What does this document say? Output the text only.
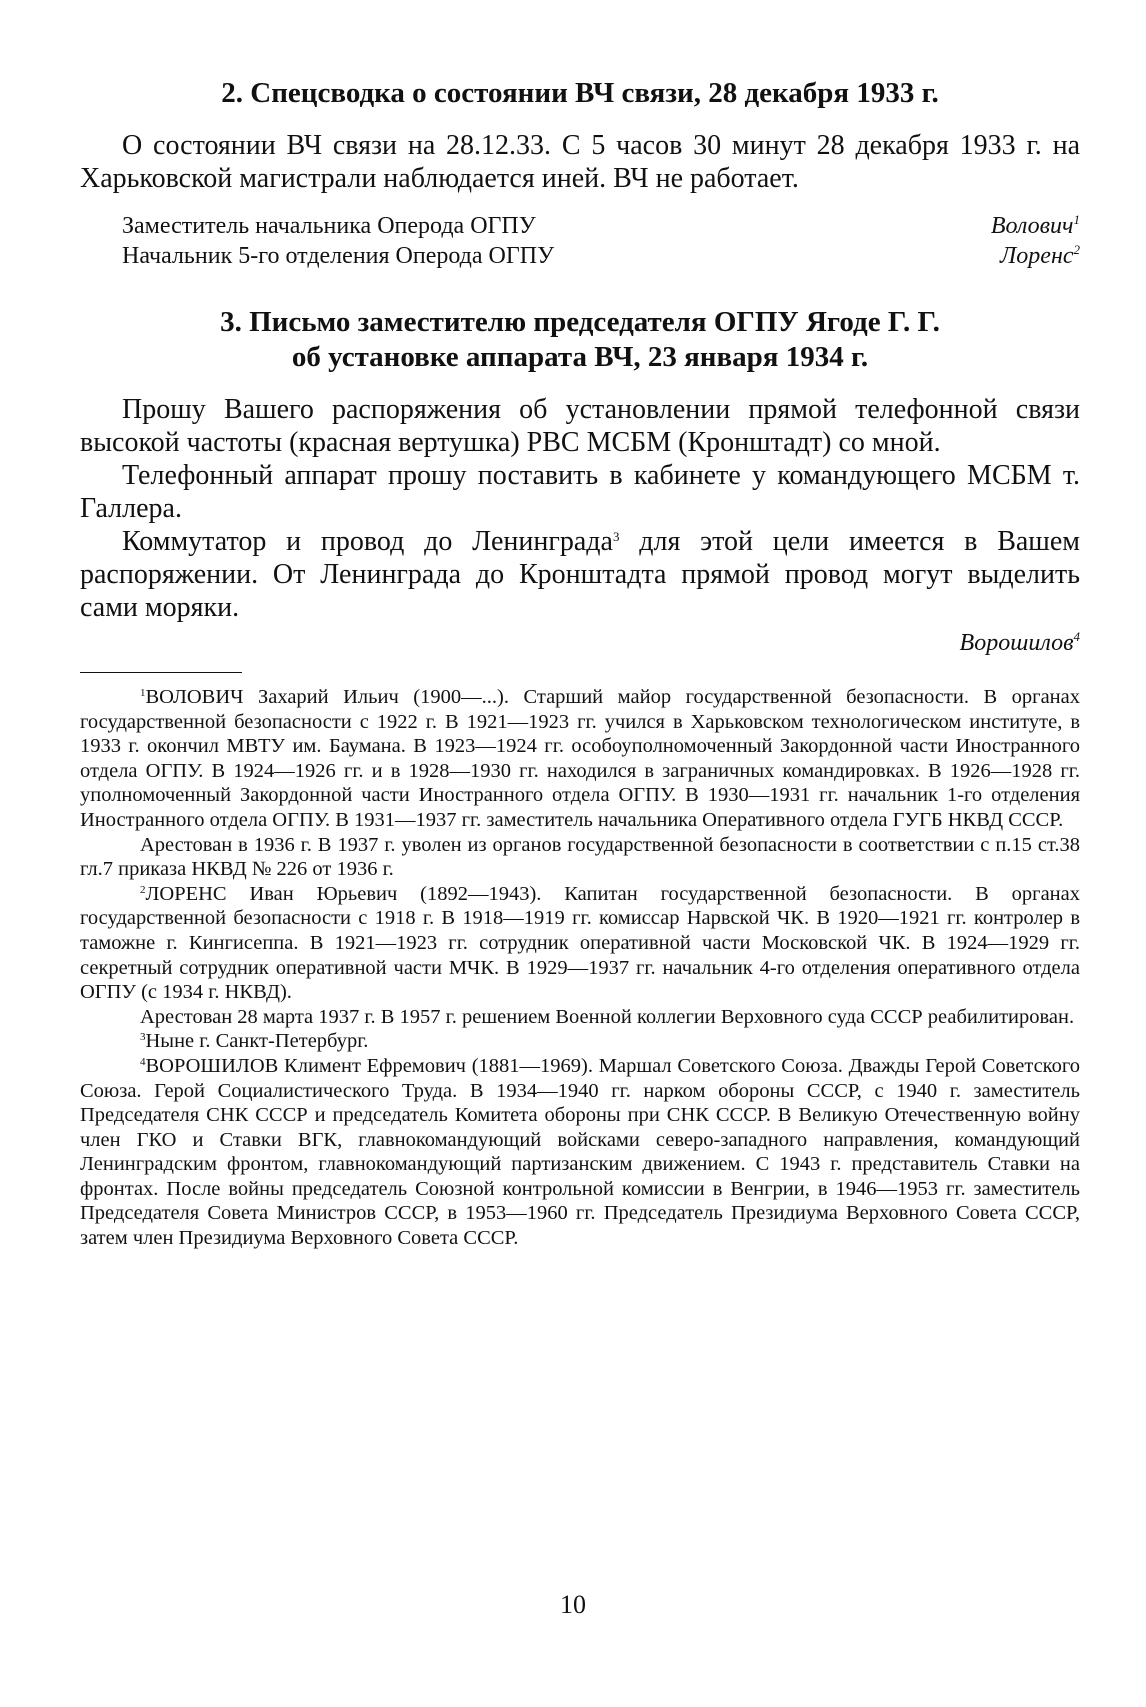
2. Спецсводка о состоянии ВЧ связи, 28 декабря 1933 г.

О состоянии ВЧ связи на 28.12.33. С 5 часов 30 минут 28 декабря 1933 г. на Харьковской магистрали наблюдается иней. ВЧ не работает.

Заместитель начальника Оперода ОГПУ	Волович$^1$
Начальник 5-го отделения Оперода ОГПУ	Лоренс$^2$
3. Письмо заместителю председателя ОГПУ Ягоде Г. Г.
об установке аппарата ВЧ, 23 января 1934 г.

Прошу Вашего распоряжения об установлении прямой телефонной связи высокой частоты (красная вертушка) РВС МСБМ (Кронштадт) со мной.

Телефонный аппарат прошу поставить в кабинете у командующего МСБМ т. Галлера.

Коммутатор и провод до Ленинграда$^3$ для этой цели имеется в Вашем распоряжении. От Ленинграда до Кронштадта прямой провод могут выделить сами моряки.

Ворошилов$^4$

$^1$ВОЛОВИЧ Захарий Ильич (1900—...). Старший майор государственной безопасности. В органах государственной безопасности с 1922 г. В 1921—1923 гг. учился в Харьковском технологическом институте, в 1933 г. окончил МВТУ им. Баумана. В 1923—1924 гг. особоуполномоченный Закордонной части Иностранного отдела ОГПУ. В 1924—1926 гг. и в 1928—1930 гг. находился в заграничных командировках. В 1926—1928 гг. уполномоченный Закордонной части Иностранного отдела ОГПУ. В 1930—1931 гг. начальник 1-го отделения Иностранного отдела ОГПУ. В 1931—1937 гг. заместитель начальника Оперативного отдела ГУГБ НКВД СССР.

Арестован в 1936 г. В 1937 г. уволен из органов государственной безопасности в соответствии с п.15 ст.38 гл.7 приказа НКВД № 226 от 1936 г.

$^2$ЛОРЕНС Иван Юрьевич (1892—1943). Капитан государственной безопасности. В органах государственной безопасности с 1918 г. В 1918—1919 гг. комиссар Нарвской ЧК. В 1920—1921 гг. контролер в таможне г. Кингисеппа. В 1921—1923 гг. сотрудник оперативной части Московской ЧК. В 1924—1929 гг. секретный сотрудник оперативной части МЧК. В 1929—1937 гг. начальник 4-го отделения оперативного отдела ОГПУ (с 1934 г. НКВД).

Арестован 28 марта 1937 г. В 1957 г. решением Военной коллегии Верховного суда СССР реабилитирован.

$^3$Ныне г. Санкт-Петербург.

$^4$ВОРОШИЛОВ Климент Ефремович (1881—1969). Маршал Советского Союза. Дважды Герой Советского Союза. Герой Социалистического Труда. В 1934—1940 гг. нарком обороны СССР, с 1940 г. заместитель Председателя СНК СССР и председатель Комитета обороны при СНК СССР. В Великую Отечественную войну член ГКО и Ставки ВГК, главнокомандующий войсками северо-западного направления, командующий Ленинградским фронтом, главнокомандующий партизанским движением. С 1943 г. представитель Ставки на фронтах. После войны председатель Союзной контрольной комиссии в Венгрии, в 1946—1953 гг. заместитель Председателя Совета Министров СССР, в 1953—1960 гг. Председатель Президиума Верховного Совета СССР, затем член Президиума Верховного Совета СССР.

10
